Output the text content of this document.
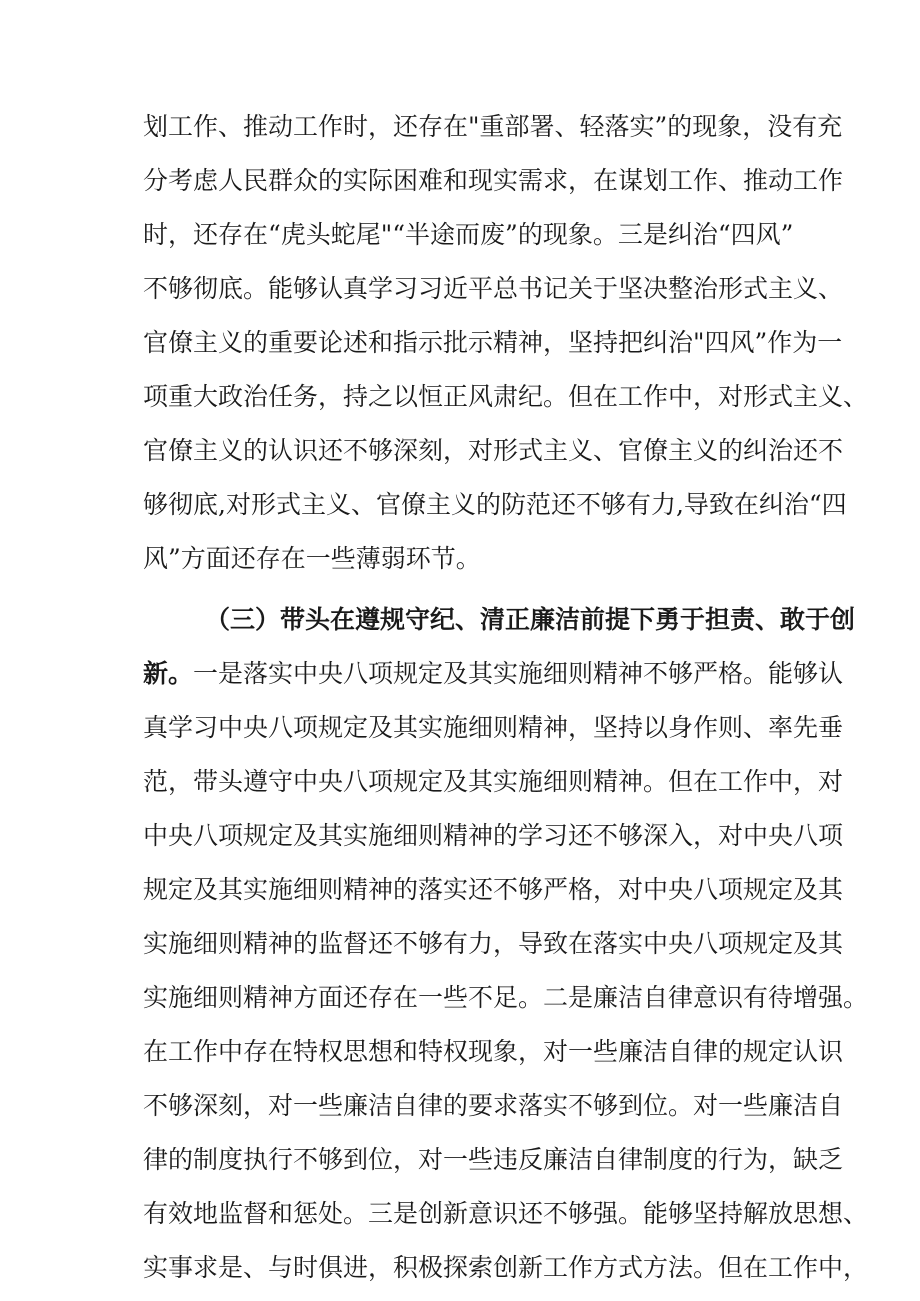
划工作、推动工作时，还存在"重部署、轻落实”的现象，没有充
分考虑人民群众的实际困难和现实需求，在谋划工作、推动工作
时，还存在“虎头蛇尾"“半途而废”的现象。三是纠治“四风”
不够彻底。能够认真学习习近平总书记关于坚决整治形式主义、
官僚主义的重要论述和指示批示精神，坚持把纠治"四风”作为一
项重大政治任务，持之以恒正风肃纪。但在工作中，对形式主义、
官僚主义的认识还不够深刻，对形式主义、官僚主义的纠治还不
够彻底,对形式主义、官僚主义的防范还不够有力,导致在纠治“四
风”方面还存在一些薄弱环节。
（三）带头在遵规守纪、清正廉洁前提下勇于担责、敢于创
新。一是落实中央八项规定及其实施细则精神不够严格。能够认
真学习中央八项规定及其实施细则精神，坚持以身作则、率先垂
范，带头遵守中央八项规定及其实施细则精神。但在工作中，对
中央八项规定及其实施细则精神的学习还不够深入，对中央八项
规定及其实施细则精神的落实还不够严格，对中央八项规定及其
实施细则精神的监督还不够有力，导致在落实中央八项规定及其
实施细则精神方面还存在一些不足。二是廉洁自律意识有待增强。
在工作中存在特权思想和特权现象，对一些廉洁自律的规定认识
不够深刻，对一些廉洁自律的要求落实不够到位。对一些廉洁自
律的制度执行不够到位，对一些违反廉洁自律制度的行为，缺乏
有效地监督和惩处。三是创新意识还不够强。能够坚持解放思想、
实事求是、与时俱进，积极探索创新工作方式方法。但在工作中，
